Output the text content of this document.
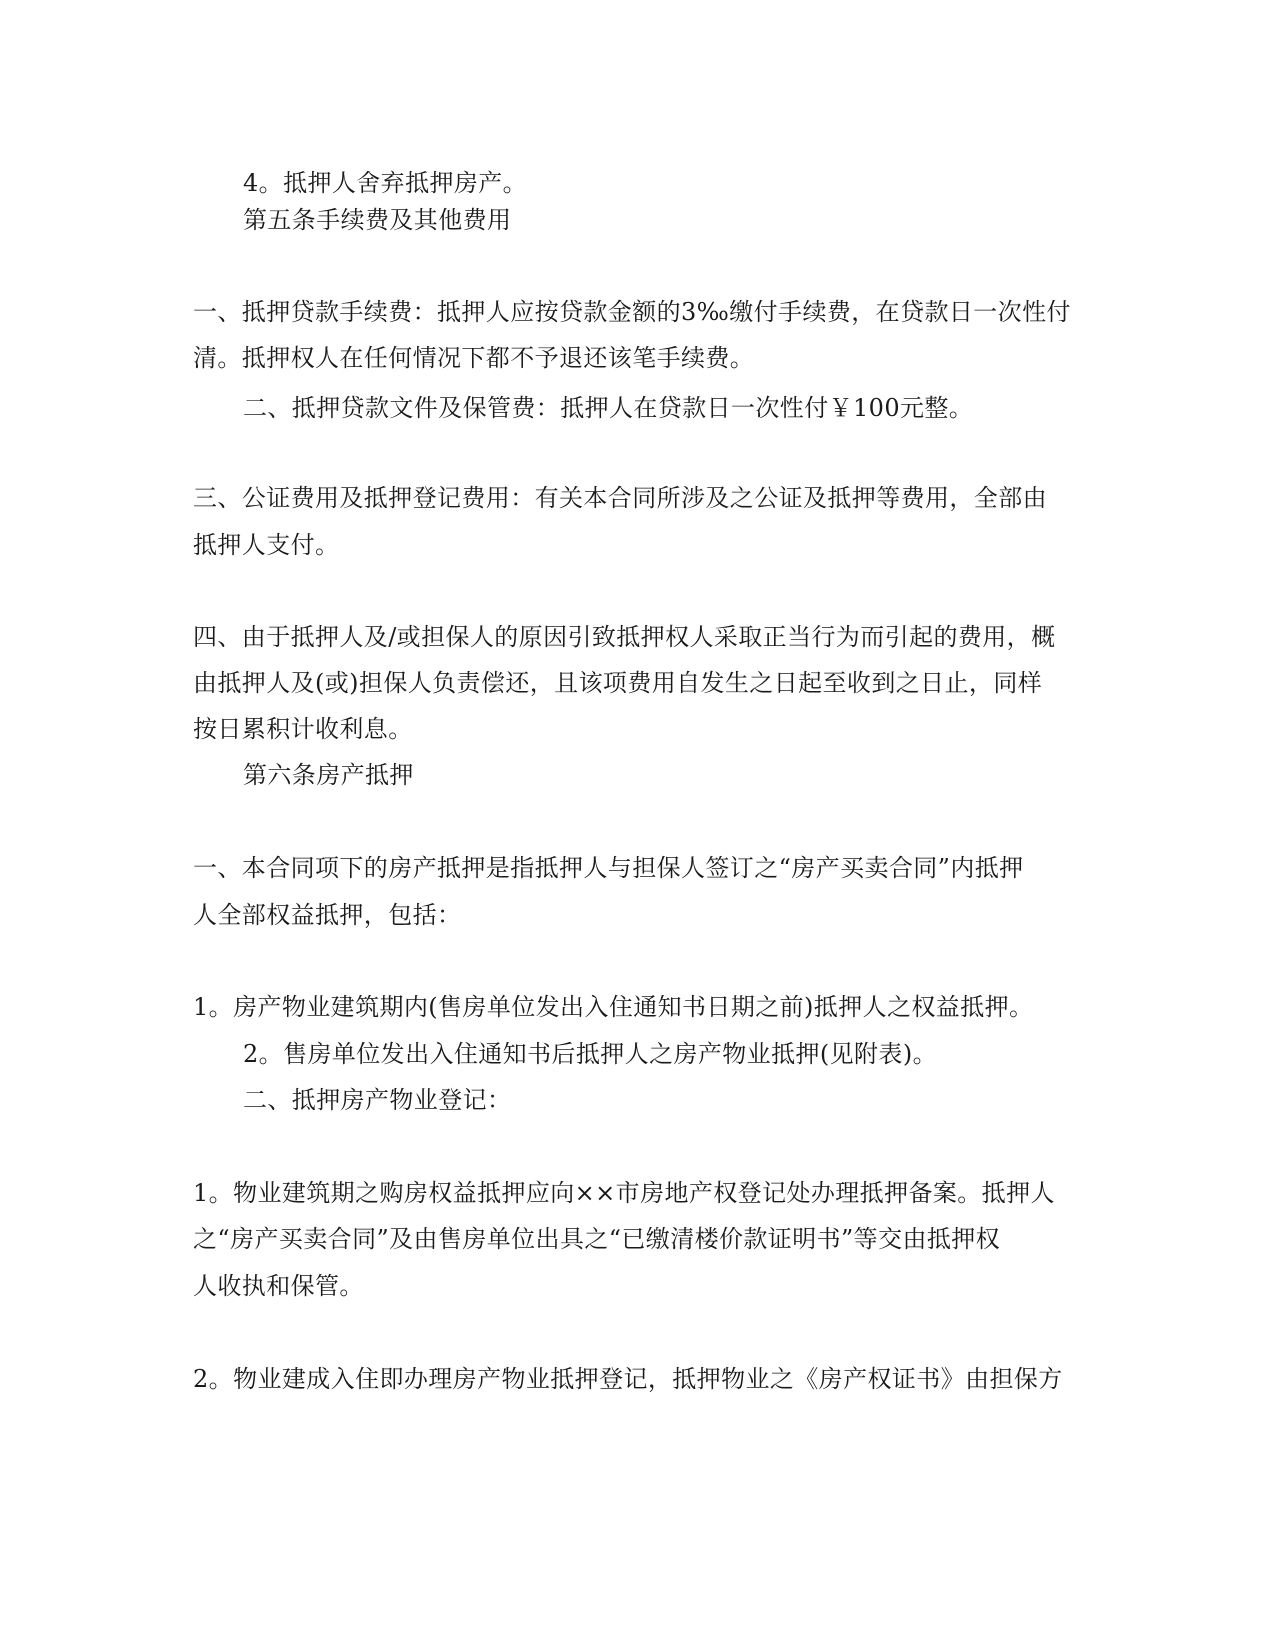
4。抵押人舍弃抵押房产。
第五条手续费及其他费用
一、抵押贷款手续费：抵押人应按贷款金额的3‰缴付手续费，在贷款日一次性付
清。抵押权人在任何情况下都不予退还该笔手续费。
二、抵押贷款文件及保管费：抵押人在贷款日一次性付￥100元整。
三、公证费用及抵押登记费用：有关本合同所涉及之公证及抵押等费用，全部由
抵押人支付。
四、由于抵押人及/或担保人的原因引致抵押权人采取正当行为而引起的费用，概
由抵押人及(或)担保人负责偿还，且该项费用自发生之日起至收到之日止，同样
按日累积计收利息。
第六条房产抵押
一、本合同项下的房产抵押是指抵押人与担保人签订之“房产买卖合同”内抵押
人全部权益抵押，包括：
1。房产物业建筑期内(售房单位发出入住通知书日期之前)抵押人之权益抵押。
2。售房单位发出入住通知书后抵押人之房产物业抵押(见附表)。
二、抵押房产物业登记：
1。物业建筑期之购房权益抵押应向××市房地产权登记处办理抵押备案。抵押人
之“房产买卖合同”及由售房单位出具之“已缴清楼价款证明书”等交由抵押权
人收执和保管。
2。物业建成入住即办理房产物业抵押登记，抵押物业之《房产权证书》由担保方
